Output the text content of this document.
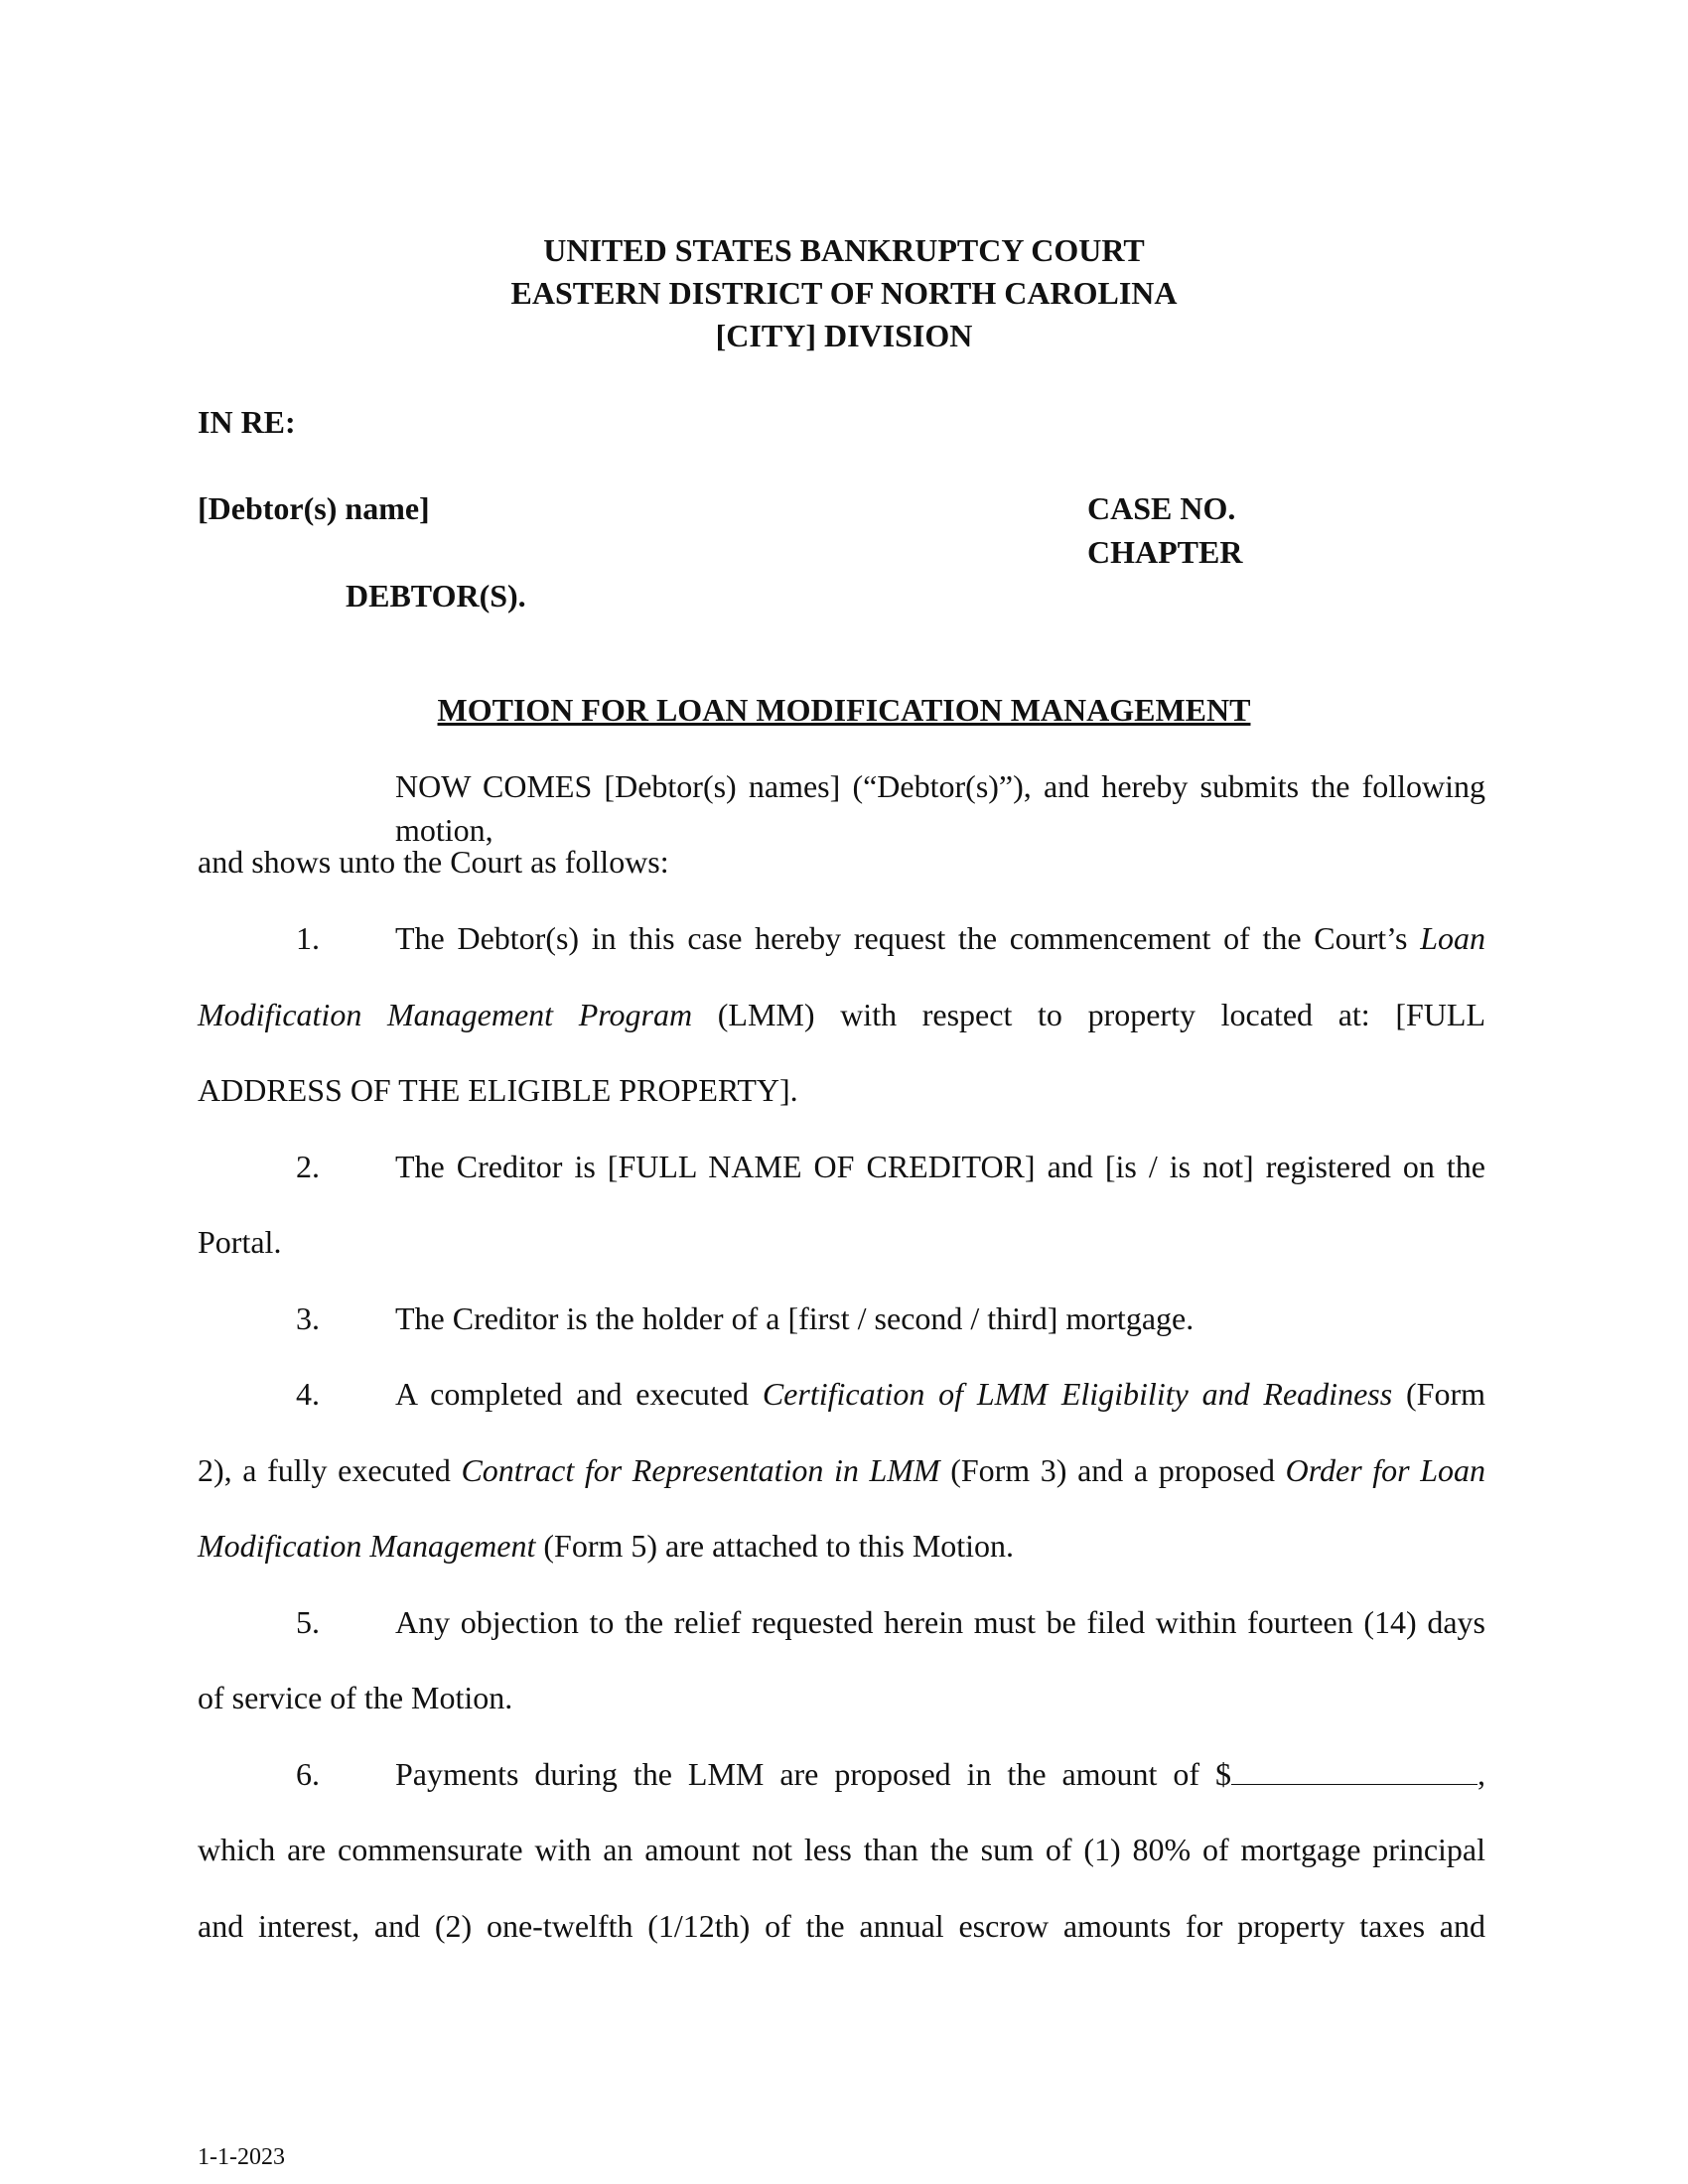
UNITED STATES BANKRUPTCY COURT
EASTERN DISTRICT OF NORTH CAROLINA
[CITY] DIVISION
IN RE:
[Debtor(s) name]	CASE NO.
CHAPTER
DEBTOR(S).
MOTION FOR LOAN MODIFICATION MANAGEMENT
NOW COMES [Debtor(s) names] (“Debtor(s)”), and hereby submits the following motion,
and shows unto the Court as follows:
1. The Debtor(s) in this case hereby request the commencement of the Court’s Loan
Modification Management Program (LMM) with respect to property located at: [FULL
ADDRESS OF THE ELIGIBLE PROPERTY].
2. The Creditor is [FULL NAME OF CREDITOR] and [is / is not] registered on the
Portal.
3. The Creditor is the holder of a [first / second / third] mortgage.
4. A completed and executed Certification of LMM Eligibility and Readiness (Form
2), a fully executed Contract for Representation in LMM (Form 3) and a proposed Order for Loan
Modification Management (Form 5) are attached to this Motion.
5. Any objection to the relief requested herein must be filed within fourteen (14) days
of service of the Motion.
6. Payments during the LMM are proposed in the amount of $	,
which are commensurate with an amount not less than the sum of (1) 80% of mortgage principal
and interest, and (2) one-twelfth (1/12th) of the annual escrow amounts for property taxes and
1-1-2023
